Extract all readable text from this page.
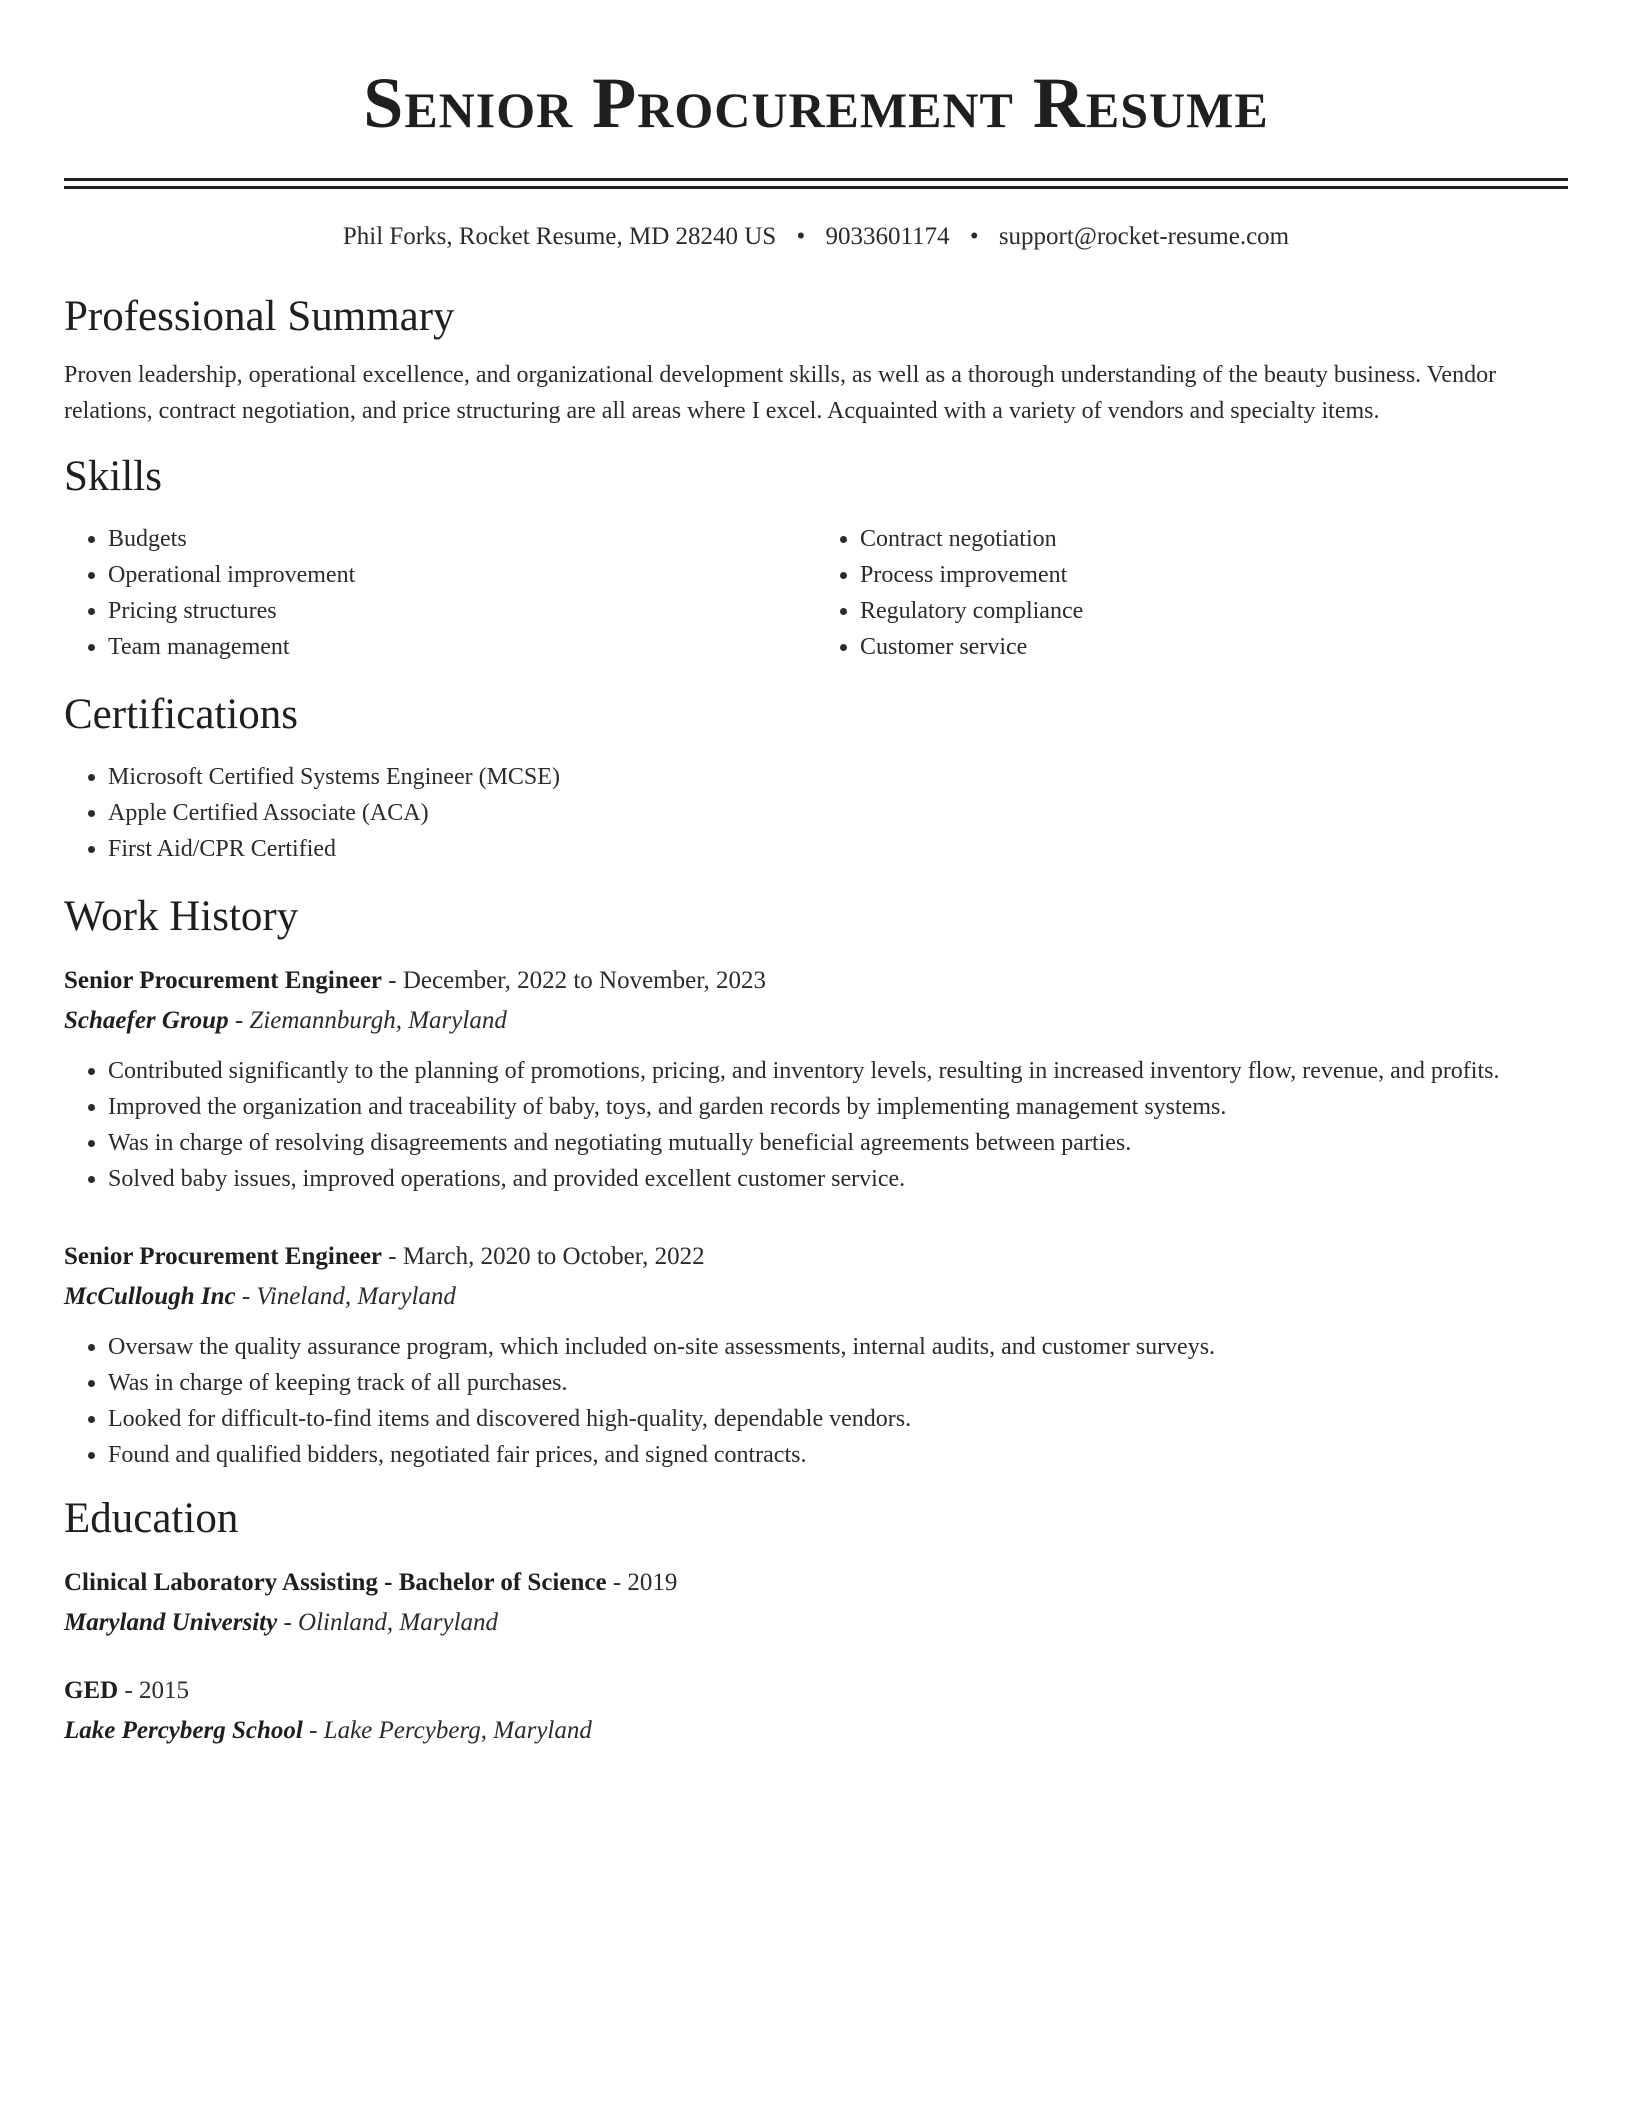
Senior Procurement Resume
Phil Forks, Rocket Resume, MD 28240 US • 9033601174 • support@rocket-resume.com
Professional Summary
Proven leadership, operational excellence, and organizational development skills, as well as a thorough understanding of the beauty business. Vendor relations, contract negotiation, and price structuring are all areas where I excel. Acquainted with a variety of vendors and specialty items.
Skills
• Budgets
• Operational improvement
• Pricing structures
• Team management
• Contract negotiation
• Process improvement
• Regulatory compliance
• Customer service
Certifications
• Microsoft Certified Systems Engineer (MCSE)
• Apple Certified Associate (ACA)
• First Aid/CPR Certified
Work History
Senior Procurement Engineer - December, 2022 to November, 2023
Schaefer Group - Ziemannburgh, Maryland
• Contributed significantly to the planning of promotions, pricing, and inventory levels, resulting in increased inventory flow, revenue, and profits.
• Improved the organization and traceability of baby, toys, and garden records by implementing management systems.
• Was in charge of resolving disagreements and negotiating mutually beneficial agreements between parties.
• Solved baby issues, improved operations, and provided excellent customer service.
Senior Procurement Engineer - March, 2020 to October, 2022
McCullough Inc - Vineland, Maryland
• Oversaw the quality assurance program, which included on-site assessments, internal audits, and customer surveys.
• Was in charge of keeping track of all purchases.
• Looked for difficult-to-find items and discovered high-quality, dependable vendors.
• Found and qualified bidders, negotiated fair prices, and signed contracts.
Education
Clinical Laboratory Assisting - Bachelor of Science - 2019
Maryland University - Olinland, Maryland
GED - 2015
Lake Percyberg School - Lake Percyberg, Maryland
